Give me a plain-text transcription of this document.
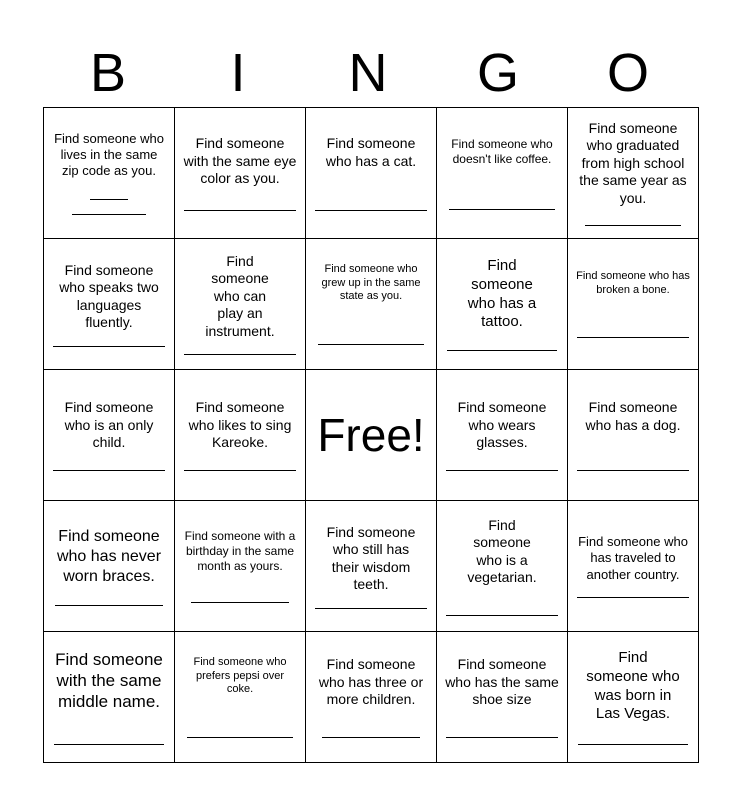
B	I	N	G	O
Find someone who lives in the same zip code as you.	Find someone with the same eye color as you.	Find someone who has a cat.	Find someone who doesn't like coffee.	Find someone who graduated from high school the same year as you.

Find someone who speaks two languages fluently.	Find someone who can play an instrument.	Find someone who grew up in the same state as you.	Find someone who has a tattoo.	Find someone who has broken a bone.

Find someone who is an only child.	Find someone who likes to sing Kareoke.	Free!	Find someone who wears glasses.	Find someone who has a dog.

Find someone who has never worn braces.	Find someone with a birthday in the same month as yours.	Find someone who still has their wisdom teeth.	Find someone who is a vegetarian.	Find someone who has traveled to another country.

Find someone with the same middle name.	Find someone who prefers pepsi over coke.	Find someone who has three or more children.	Find someone who has the same shoe size	Find someone who was born in Las Vegas.
